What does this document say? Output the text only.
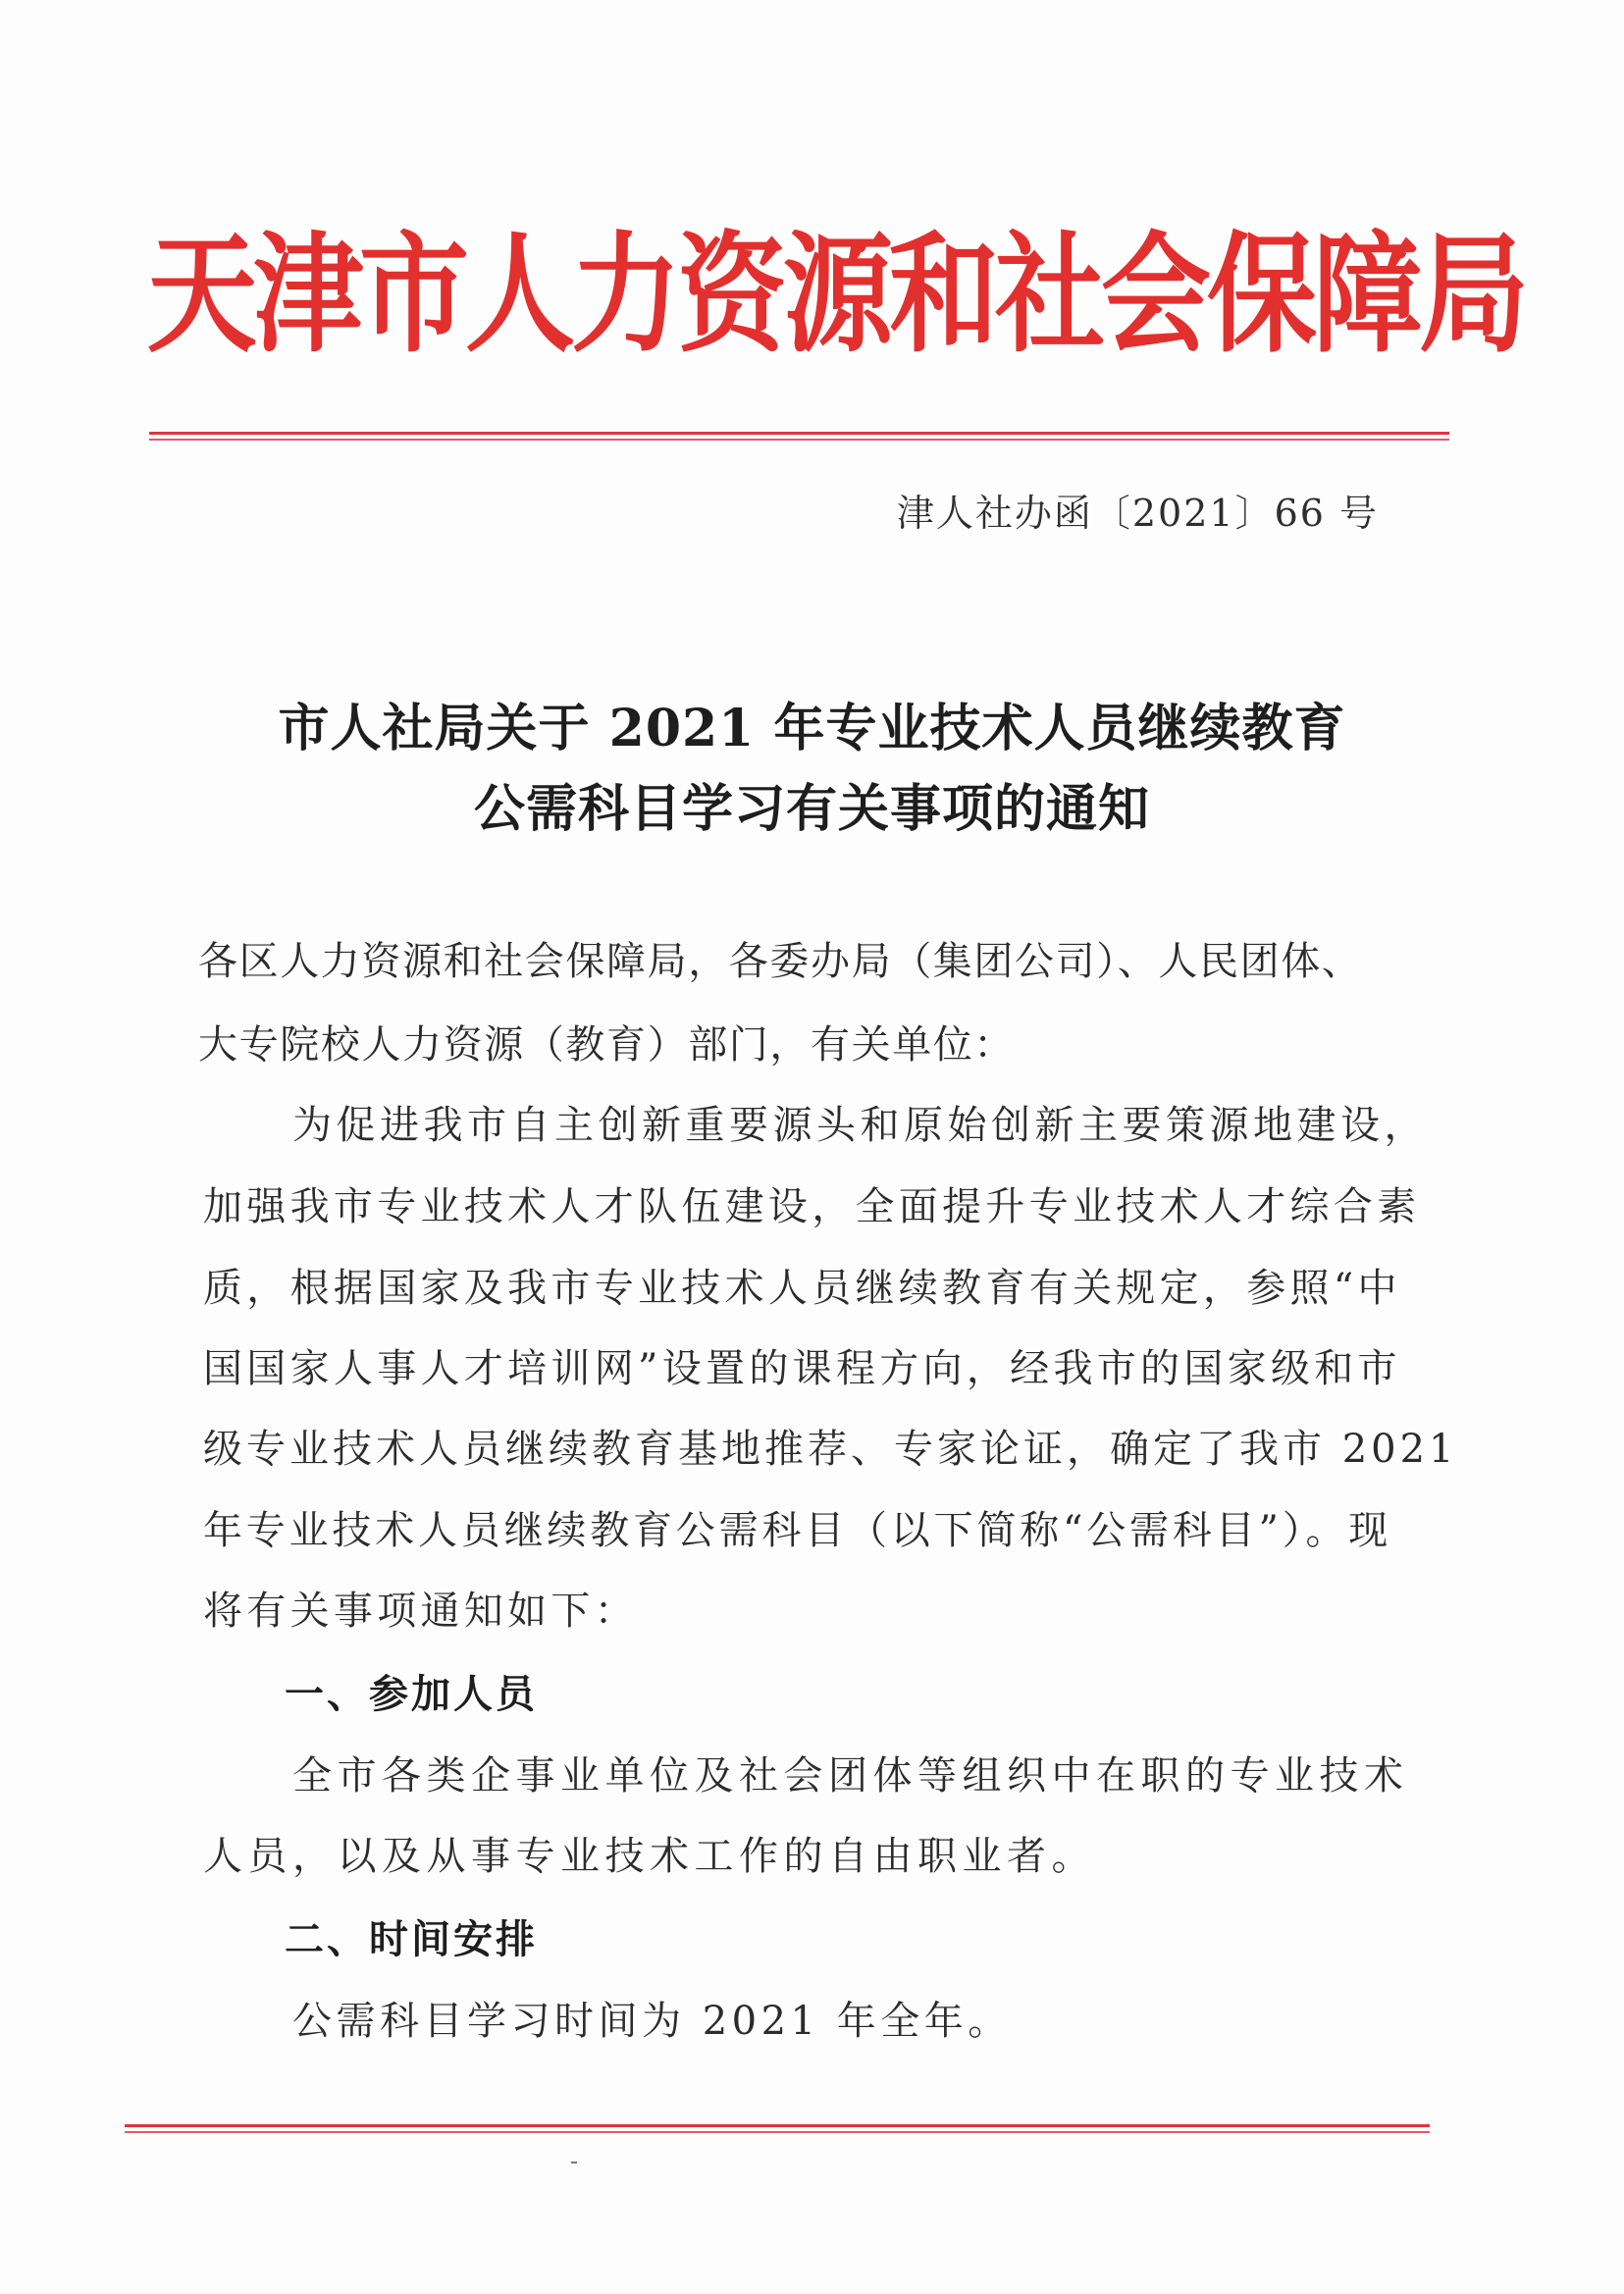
天津市人力资源和社会保障局
津人社办函〔2021〕66 号
市人社局关于 2021 年专业技术人员继续教育
公需科目学习有关事项的通知
各区人力资源和社会保障局，各委办局（集团公司）、人民团体、
大专院校人力资源（教育）部门，有关单位：
为促进我市自主创新重要源头和原始创新主要策源地建设，
加强我市专业技术人才队伍建设，全面提升专业技术人才综合素
质，根据国家及我市专业技术人员继续教育有关规定，参照“中
国国家人事人才培训网”设置的课程方向，经我市的国家级和市
级专业技术人员继续教育基地推荐、专家论证，确定了我市 2021
年专业技术人员继续教育公需科目（以下简称“公需科目”）。现
将有关事项通知如下：
一、参加人员
全市各类企事业单位及社会团体等组织中在职的专业技术
人员，以及从事专业技术工作的自由职业者。
二、时间安排
公需科目学习时间为 2021 年全年。
